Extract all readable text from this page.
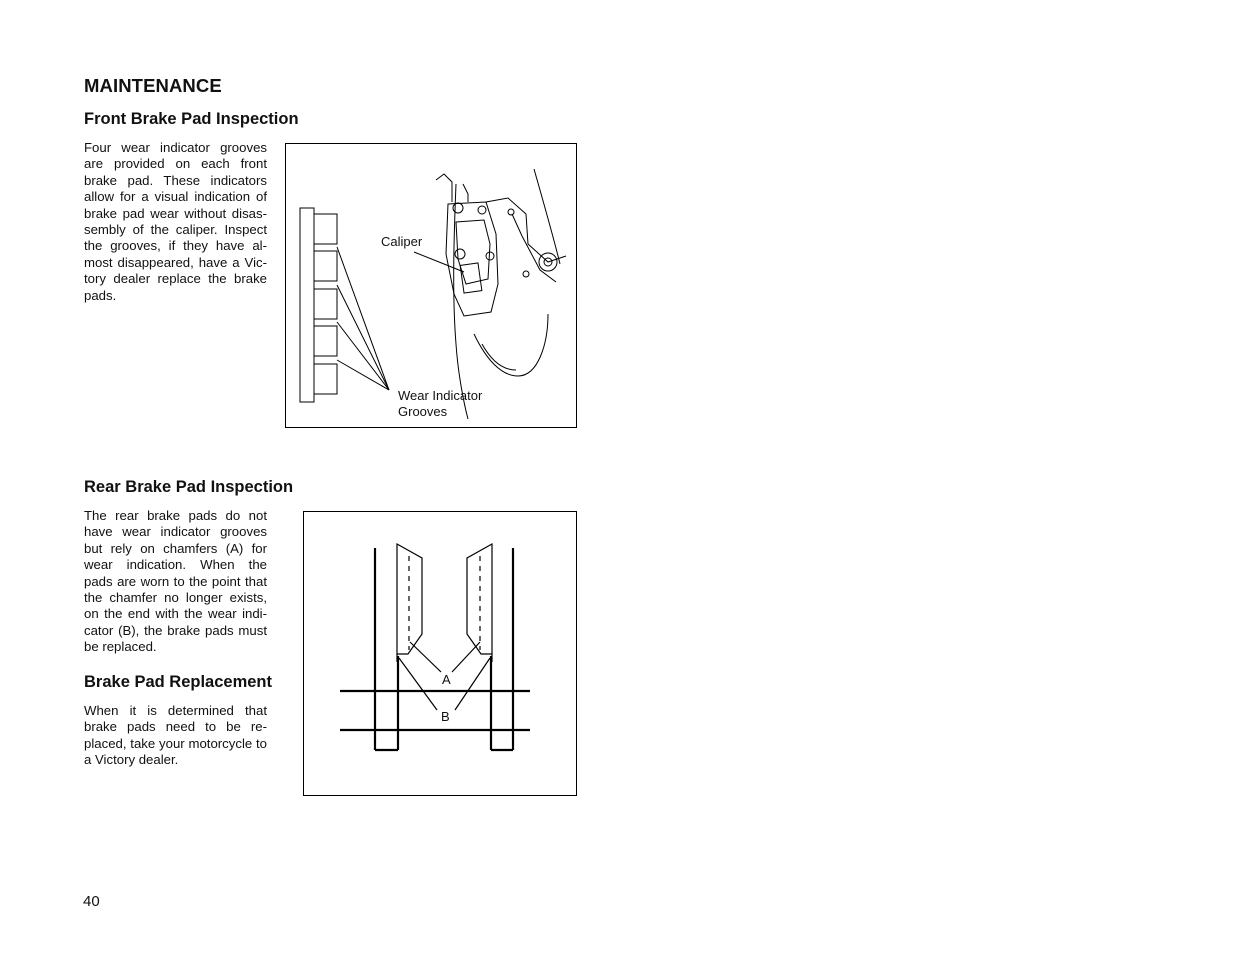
MAINTENANCE
Front Brake Pad Inspection
Four wear indicator grooves are provided on each front brake pad. These indicators allow for a visual indication of brake pad wear without disas-sembly of the caliper. Inspect the grooves, if they have al-most disappeared, have a Vic-tory dealer replace the brake pads.
Caliper
Wear Indicator
Grooves
Rear Brake Pad Inspection
The rear brake pads do not have wear indicator grooves but rely on chamfers (A) for wear indication. When the pads are worn to the point that the chamfer no longer exists, on the end with the wear indi-cator (B), the brake pads must be replaced.
Brake Pad Replacement
When it is determined that brake pads need to be re-placed, take your motorcycle to a Victory dealer.
A
B
40
